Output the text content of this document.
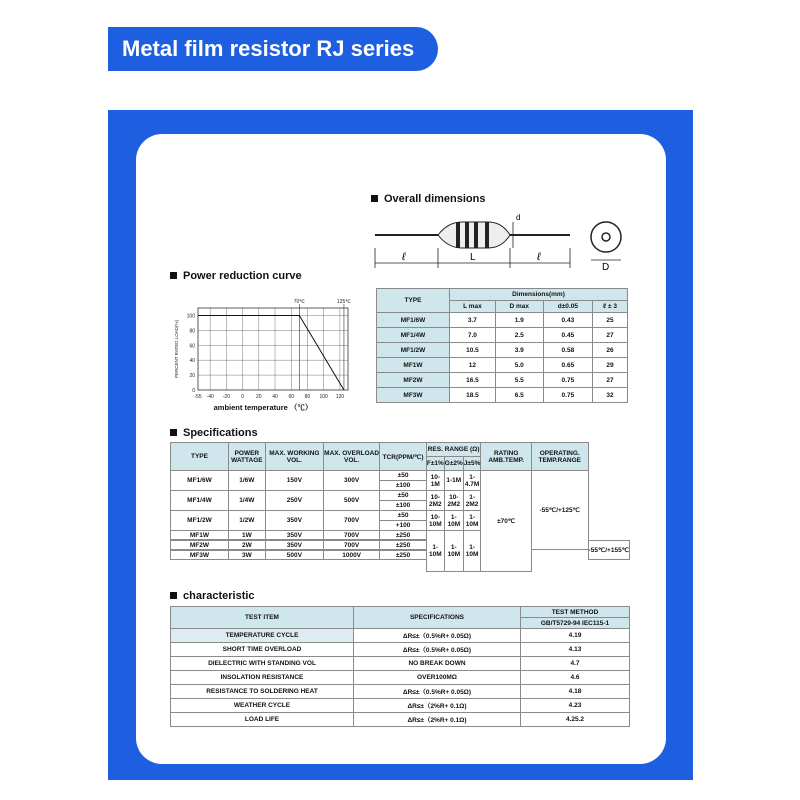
Metal film resistor RJ series
Overall dimensions
ℓ	L	ℓ
d
D
TYPE	Dimensions(mm)			
	L max	D max	d±0.05	ℓ ± 3
MF1/6W	3.7	1.9	0.43	25
MF1/4W	7.0	2.5	0.45	27
MF1/2W	10.5	3.9	0.58	26
MF1W	12	5.0	0.65	29
MF2W	16.5	5.5	0.75	27
MF3W	18.5	6.5	0.75	32
Power reduction curve
-55 -40 -20 0 20 40 60 80 100 120
100
80
60
40
20
0
70℃	125℃
PERCENT RATED LOAD(%)
ambient temperature （℃）
Specifications
TYPE	POWER WATTAGE	MAX. WORKING VOL.	MAX. OVERLOAD VOL.	TCR(PPM/℃)	RES. RANGE (Ω)			RATING AMB.TEMP.	OPERATING. TEMP.RANGE	
					F±1%	G±2%	J±5%			
MF1/6W	1/6W	150V	300V	±50	10-1M	1-1M	1-4.7M	±70℃	-55℃/+125℃	
				±100						
MF1/4W	1/4W	250V	500V	±50	10-2M2	10-2M2	1-2M2			
				±100						
MF1/2W	1/2W	350V	700V	±50	10-10M	1-10M	1-10M			
				+100						
MF1W	1W	350V	700V	±250	1-10M	1-10M	1-10M			

MF2W	2W	350V	700V	±250						-55℃/+155℃

MF3W	3W	500V	1000V	±250						

characteristic
TEST ITEM	SPECIFICATIONS	TEST METHOD
		GB/T5729-94 IEC115-1
TEMPERATURE CYCLE	ΔR≤±（0.5%R+ 0.05Ω)	4.19
SHORT TIME OVERLOAD	ΔR≤±（0.5%R+ 0.05Ω)	4.13
DIELECTRIC WITH STANDING VOL	NO BREAK DOWN	4.7
INSOLATION RESISTANCE	OVER100MΩ	4.6
RESISTANCE TO SOLDERING HEAT	ΔR≤±（0.5%R+ 0.05Ω)	4.18
WEATHER CYCLE	ΔR≤±（2%R+ 0.1Ω)	4.23
LOAD LIFE	ΔR≤±（2%R+ 0.1Ω)	4.25.2
